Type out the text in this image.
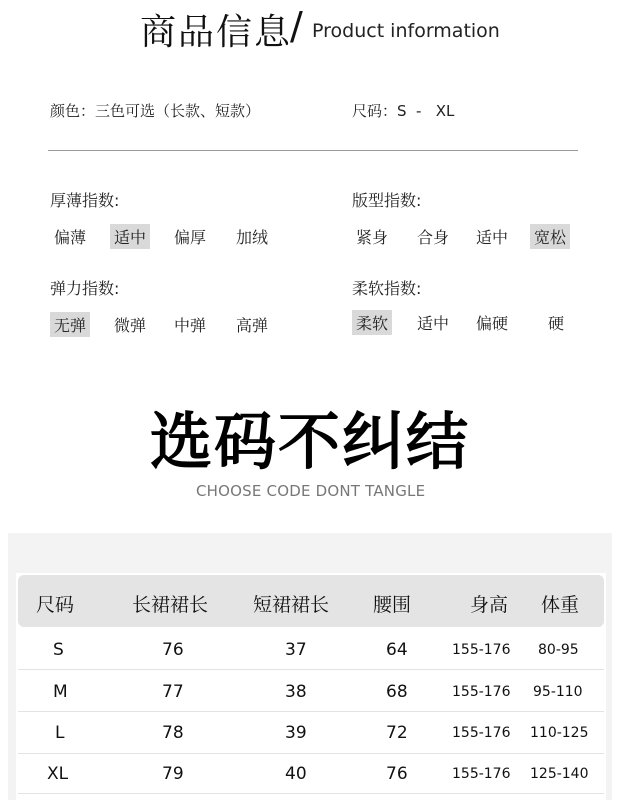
商品信息
/ Product information
颜色：三色可选（长款、短款）	尺码：S  -   XL
厚薄指数:
偏薄 适中 偏厚 加绒
版型指数:
紧身 合身 适中 宽松
弹力指数:
无弹 微弹 中弹 高弹
柔软指数:
柔软 适中 偏硬 硬
选码不纠结
CHOOSE CODE DONT TANGLE
尺码	长裙裙长 短裙裙长 腰围	身高 体重
S	76	37	64	155-176 80-95
M	77	38	68	155-176 95-110
L	78	39	72	155-176 110-125
XL	79	40	76	155-176 125-140
